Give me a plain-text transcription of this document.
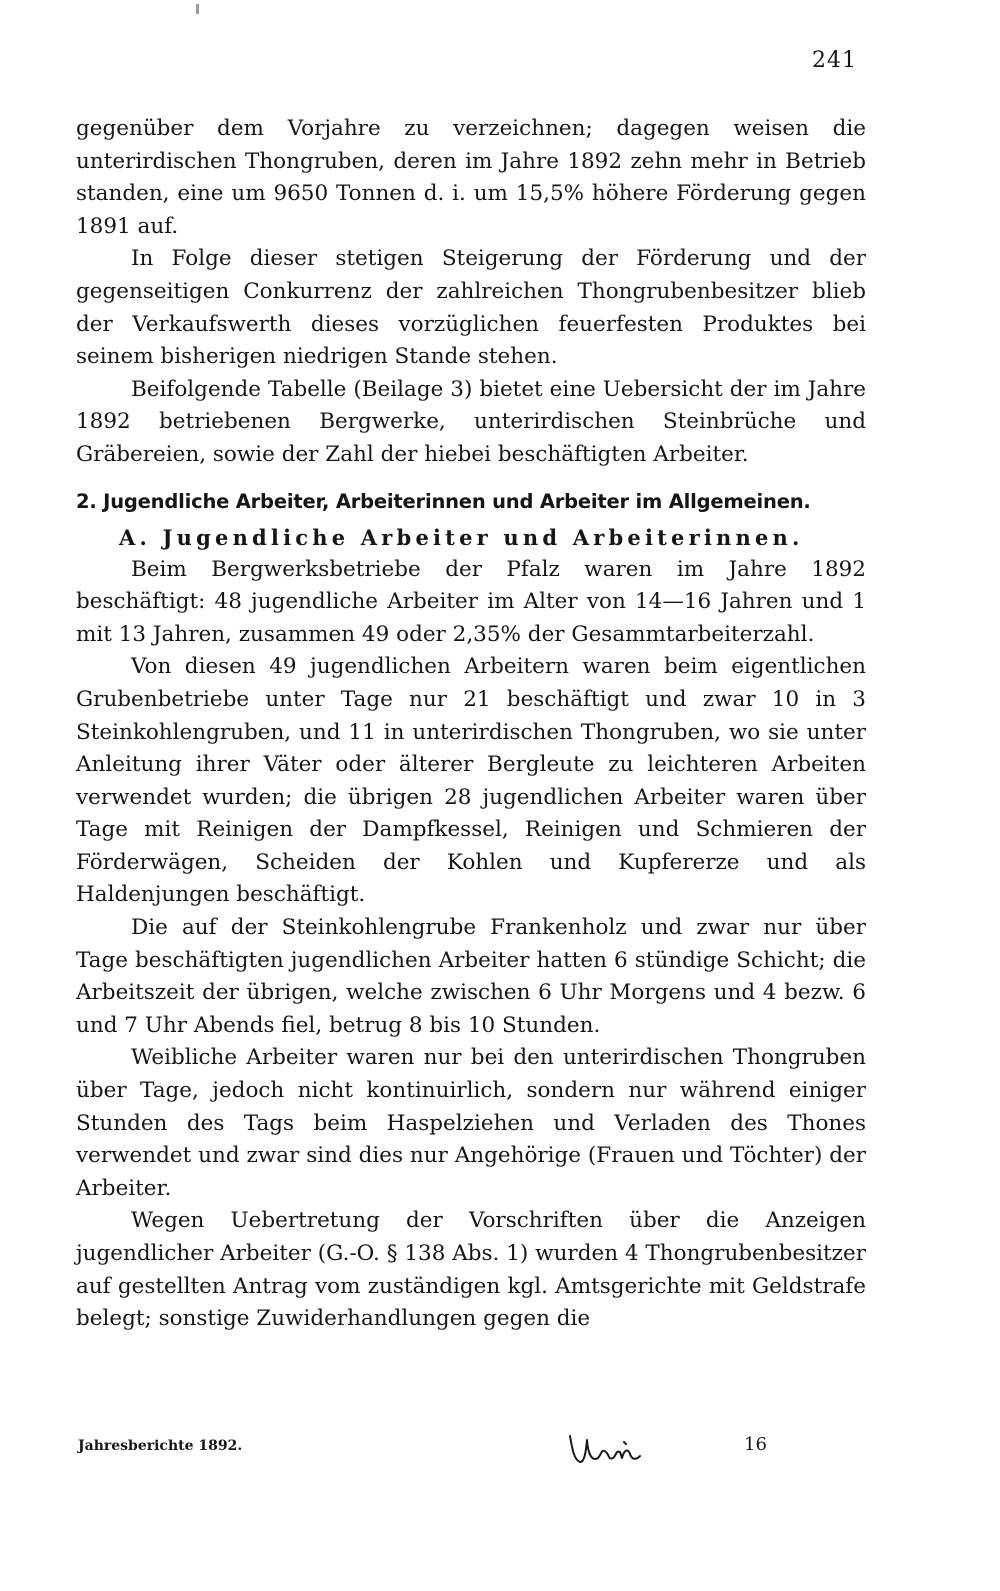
241

gegenüber dem Vorjahre zu verzeichnen; dagegen weisen die unterirdischen Thongruben, deren im Jahre 1892 zehn mehr in Betrieb standen, eine um 9650 Tonnen d. i. um 15,5% höhere Förderung gegen 1891 auf.

In Folge dieser stetigen Steigerung der Förderung und der gegenseitigen Conkurrenz der zahlreichen Thongrubenbesitzer blieb der Verkaufswerth dieses vorzüglichen feuerfesten Produktes bei seinem bisherigen niedrigen Stande stehen.

Beifolgende Tabelle (Beilage 3) bietet eine Uebersicht der im Jahre 1892 betriebenen Bergwerke, unterirdischen Steinbrüche und Gräbereien, sowie der Zahl der hiebei beschäftigten Arbeiter.

2. Jugendliche Arbeiter, Arbeiterinnen und Arbeiter im Allgemeinen.
A. Jugendliche Arbeiter und Arbeiterinnen.

Beim Bergwerksbetriebe der Pfalz waren im Jahre 1892 beschäftigt: 48 jugendliche Arbeiter im Alter von 14—16 Jahren und 1 mit 13 Jahren, zusammen 49 oder 2,35% der Gesammtarbeiterzahl.

Von diesen 49 jugendlichen Arbeitern waren beim eigentlichen Grubenbetriebe unter Tage nur 21 beschäftigt und zwar 10 in 3 Steinkohlengruben, und 11 in unterirdischen Thongruben, wo sie unter Anleitung ihrer Väter oder älterer Bergleute zu leichteren Arbeiten verwendet wurden; die übrigen 28 jugendlichen Arbeiter waren über Tage mit Reinigen der Dampfkessel, Reinigen und Schmieren der Förderwägen, Scheiden der Kohlen und Kupfererze und als Haldenjungen beschäftigt.

Die auf der Steinkohlengrube Frankenholz und zwar nur über Tage beschäftigten jugendlichen Arbeiter hatten 6 stündige Schicht; die Arbeitszeit der übrigen, welche zwischen 6 Uhr Morgens und 4 bezw. 6 und 7 Uhr Abends fiel, betrug 8 bis 10 Stunden.

Weibliche Arbeiter waren nur bei den unterirdischen Thongruben über Tage, jedoch nicht kontinuirlich, sondern nur während einiger Stunden des Tags beim Haspelziehen und Verladen des Thones verwendet und zwar sind dies nur Angehörige (Frauen und Töchter) der Arbeiter.

Wegen Uebertretung der Vorschriften über die Anzeigen jugendlicher Arbeiter (G.-O. § 138 Abs. 1) wurden 4 Thongrubenbesitzer auf gestellten Antrag vom zuständigen kgl. Amtsgerichte mit Geldstrafe belegt; sonstige Zuwiderhandlungen gegen die

Jahresberichte 1892.	16
